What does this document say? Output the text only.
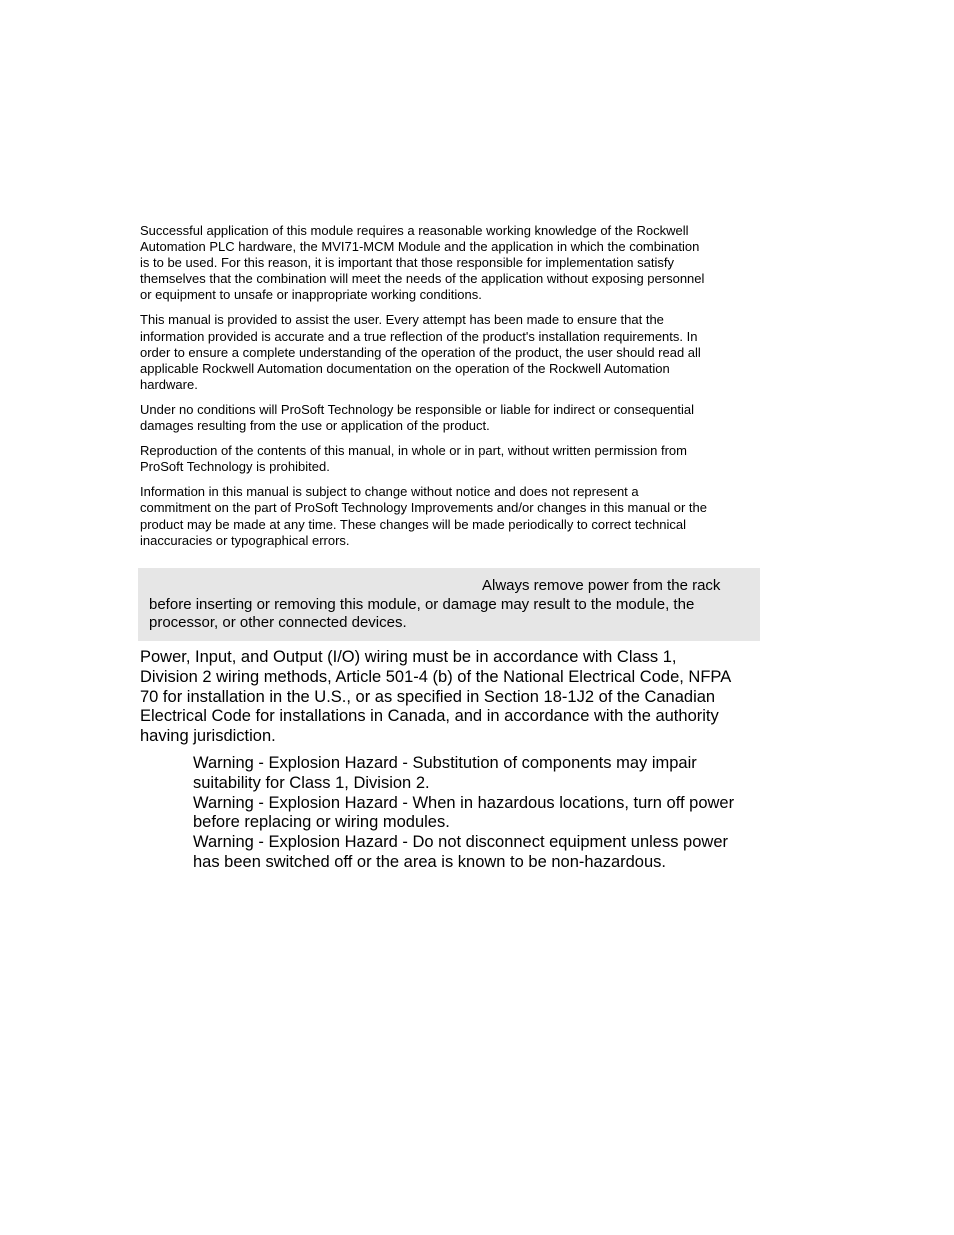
Successful application of this module requires a reasonable working knowledge of the Rockwell
Automation PLC hardware, the MVI71-MCM Module and the application in which the combination
is to be used. For this reason, it is important that those responsible for implementation satisfy
themselves that the combination will meet the needs of the application without exposing personnel
or equipment to unsafe or inappropriate working conditions.

This manual is provided to assist the user. Every attempt has been made to ensure that the
information provided is accurate and a true reflection of the product's installation requirements. In
order to ensure a complete understanding of the operation of the product, the user should read all
applicable Rockwell Automation documentation on the operation of the Rockwell Automation
hardware.

Under no conditions will ProSoft Technology be responsible or liable for indirect or consequential
damages resulting from the use or application of the product.

Reproduction of the contents of this manual, in whole or in part, without written permission from
ProSoft Technology is prohibited.

Information in this manual is subject to change without notice and does not represent a
commitment on the part of ProSoft Technology Improvements and/or changes in this manual or the
product may be made at any time. These changes will be made periodically to correct technical
inaccuracies or typographical errors.

Always remove power from the rack
before inserting or removing this module, or damage may result to the module, the
processor, or other connected devices.

Power, Input, and Output (I/O) wiring must be in accordance with Class 1,
Division 2 wiring methods, Article 501-4 (b) of the National Electrical Code, NFPA
70 for installation in the U.S., or as specified in Section 18-1J2 of the Canadian
Electrical Code for installations in Canada, and in accordance with the authority
having jurisdiction.

Warning - Explosion Hazard - Substitution of components may impair
suitability for Class 1, Division 2.
Warning - Explosion Hazard - When in hazardous locations, turn off power
before replacing or wiring modules.
Warning - Explosion Hazard - Do not disconnect equipment unless power
has been switched off or the area is known to be non-hazardous.
